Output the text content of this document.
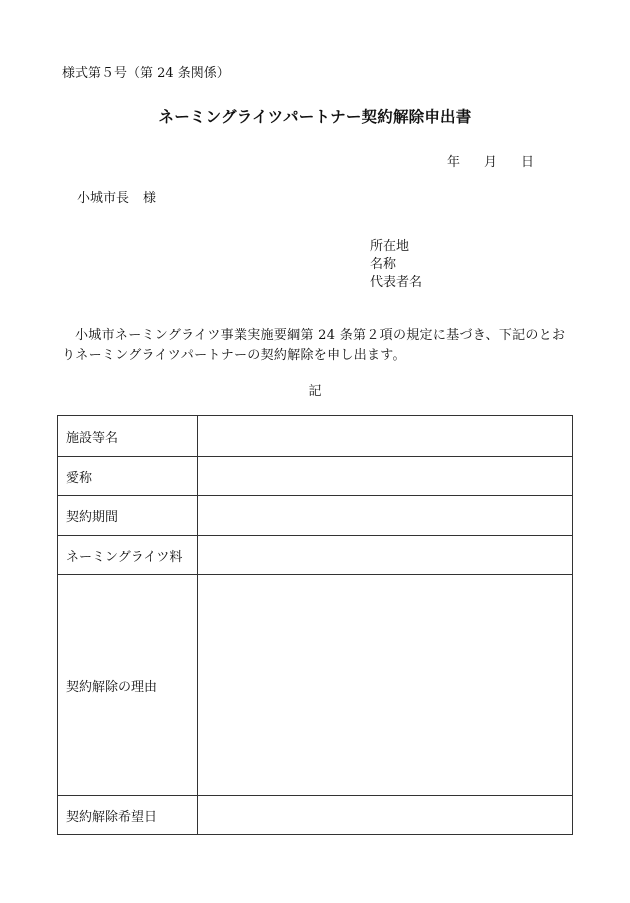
様式第５号（第 24 条関係）
ネーミングライツパートナー契約解除申出書
年 月 日
小城市長 様
所在地
名称
代表者名
小城市ネーミングライツ事業実施要綱第 24 条第２項の規定に基づき、下記のとおりネーミングライツパートナーの契約解除を申し出ます。
記
施設等名	
愛称	
契約期間	
ネーミングライツ料	
契約解除の理由	
契約解除希望日	
